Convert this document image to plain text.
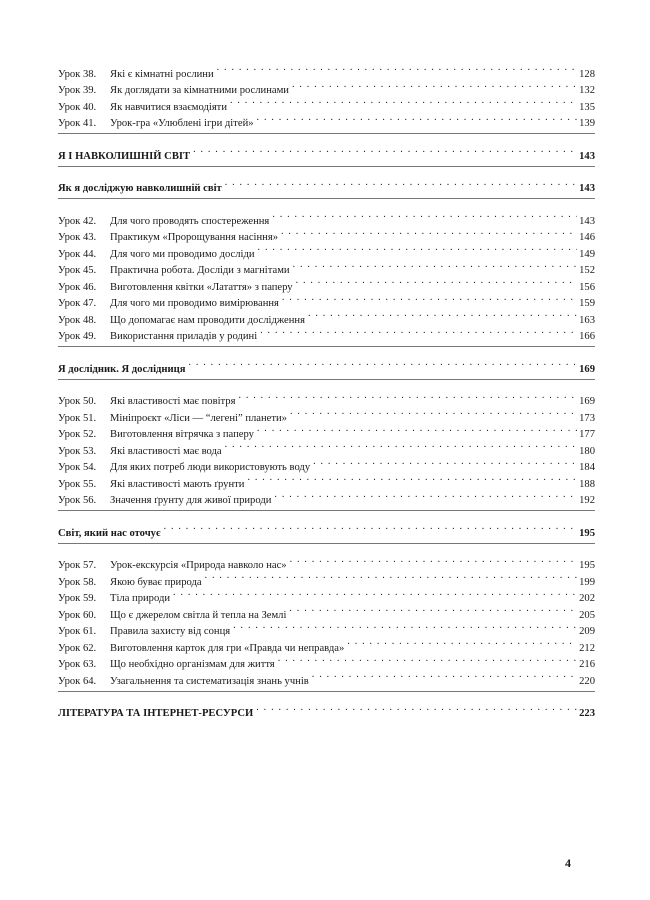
Урок 38.	Які є кімнатні рослини . . .	128
Урок 39.	Як доглядати за кімнатними рослинами . . .	132
Урок 40.	Як навчитися взаємодіяти . . .	135
Урок 41.	Урок-гра «Улюблені ігри дітей» . . .	139
Я І НАВКОЛИШНІЙ СВІТ . . .	143
Як я досліджую навколишній світ . . .	143
Урок 42.	Для чого проводять спостереження . . .	143
Урок 43.	Практикум «Пророщування насіння» . . .	146
Урок 44.	Для чого ми проводимо досліди . . .	149
Урок 45.	Практична робота. Досліди з магнітами . . .	152
Урок 46.	Виготовлення квітки «Латаття» з паперу . . .	156
Урок 47.	Для чого ми проводимо вимірювання . . .	159
Урок 48.	Що допомагає нам проводити дослідження . . .	163
Урок 49.	Використання приладів у родині . . .	166
Я дослідник. Я дослідниця . . .	169
Урок 50.	Які властивості має повітря . . .	169
Урок 51.	Мініпроєкт «Ліси — “легені” планети» . . .	173
Урок 52.	Виготовлення вітрячка з паперу . . .	177
Урок 53.	Які властивості має вода . . .	180
Урок 54.	Для яких потреб люди використовують воду . . .	184
Урок 55.	Які властивості мають ґрунти . . .	188
Урок 56.	Значення ґрунту для живої природи . . .	192
Світ, який нас оточує . . .	195
Урок 57.	Урок-екскурсія «Природа навколо нас» . . .	195
Урок 58.	Якою буває природа . . .	199
Урок 59.	Тіла природи . . .	202
Урок 60.	Що є джерелом світла й тепла на Землі . . .	205
Урок 61.	Правила захисту від сонця . . .	209
Урок 62.	Виготовлення карток для гри «Правда чи неправда» . . .	212
Урок 63.	Що необхідно організмам для життя . . .	216
Урок 64.	Узагальнення та систематизація знань учнів . . .	220
ЛІТЕРАТУРА ТА ІНТЕРНЕТ-РЕСУРСИ . . .	223
4
